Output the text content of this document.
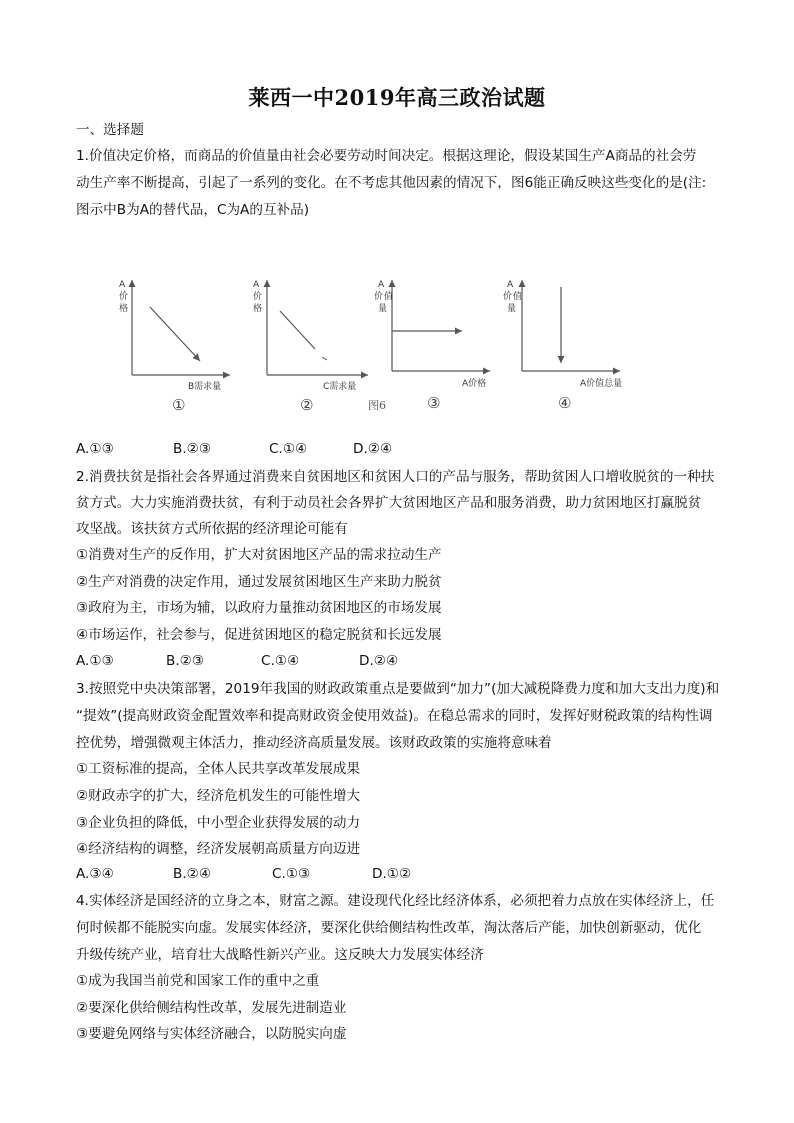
莱西一中2019年高三政治试题
一、选择题
1.价值决定价格，而商品的价值量由社会必要劳动时间决定。根据这理论，假设某国生产A商品的社会劳
动生产率不断提高，引起了一系列的变化。在不考虑其他因素的情况下，图6能正确反映这些变化的是(注:
图示中B为A的替代品，C为A的互补品)
A
价
格
B需求量
①
A
价
格
C需求量
②	图6
A
价 值
量
A价格
③
A
价 值
量
A价值总量
④
A.①③	B.②③	C.①④	D.②④
2.消费扶贫是指社会各界通过消费来自贫困地区和贫困人口的产品与服务，帮助贫困人口增收脱贫的一种扶
贫方式。大力实施消费扶贫，有利于动员社会各界扩大贫困地区产品和服务消费，助力贫困地区打赢脱贫
攻坚战。该扶贫方式所依据的经济理论可能有
①消费对生产的反作用，扩大对贫困地区产品的需求拉动生产
②生产对消费的决定作用，通过发展贫困地区生产来助力脱贫
③政府为主，市场为辅，以政府力量推动贫困地区的市场发展
④市场运作，社会参与，促进贫困地区的稳定脱贫和长远发展
A.①③	B.②③	C.①④	D.②④
3.按照党中央决策部署，2019年我国的财政政策重点是要做到“加力”(加大减税降费力度和加大支出力度)和
“提效”(提高财政资金配置效率和提高财政资金使用效益)。在稳总需求的同时，发挥好财税政策的结构性调
控优势，增强微观主体活力，推动经济高质量发展。该财政政策的实施将意味着
①工资标准的提高，全体人民共享改革发展成果
②财政赤字的扩大，经济危机发生的可能性增大
③企业负担的降低，中小型企业获得发展的动力
④经济结构的调整，经济发展朝高质量方向迈进
A.③④	B.②④	C.①③	D.①②
4.实体经济是国经济的立身之本，财富之源。建设现代化经比经济体系，必须把着力点放在实体经济上，任
何时候都不能脱实向虚。发展实体经济，要深化供给侧结构性改革，淘汰落后产能，加快创新驱动，优化
升级传统产业，培育壮大战略性新兴产业。这反映大力发展实体经济
①成为我国当前党和国家工作的重中之重
②要深化供给侧结构性改革，发展先进制造业
③要避免网络与实体经济融合，以防脱实向虚
